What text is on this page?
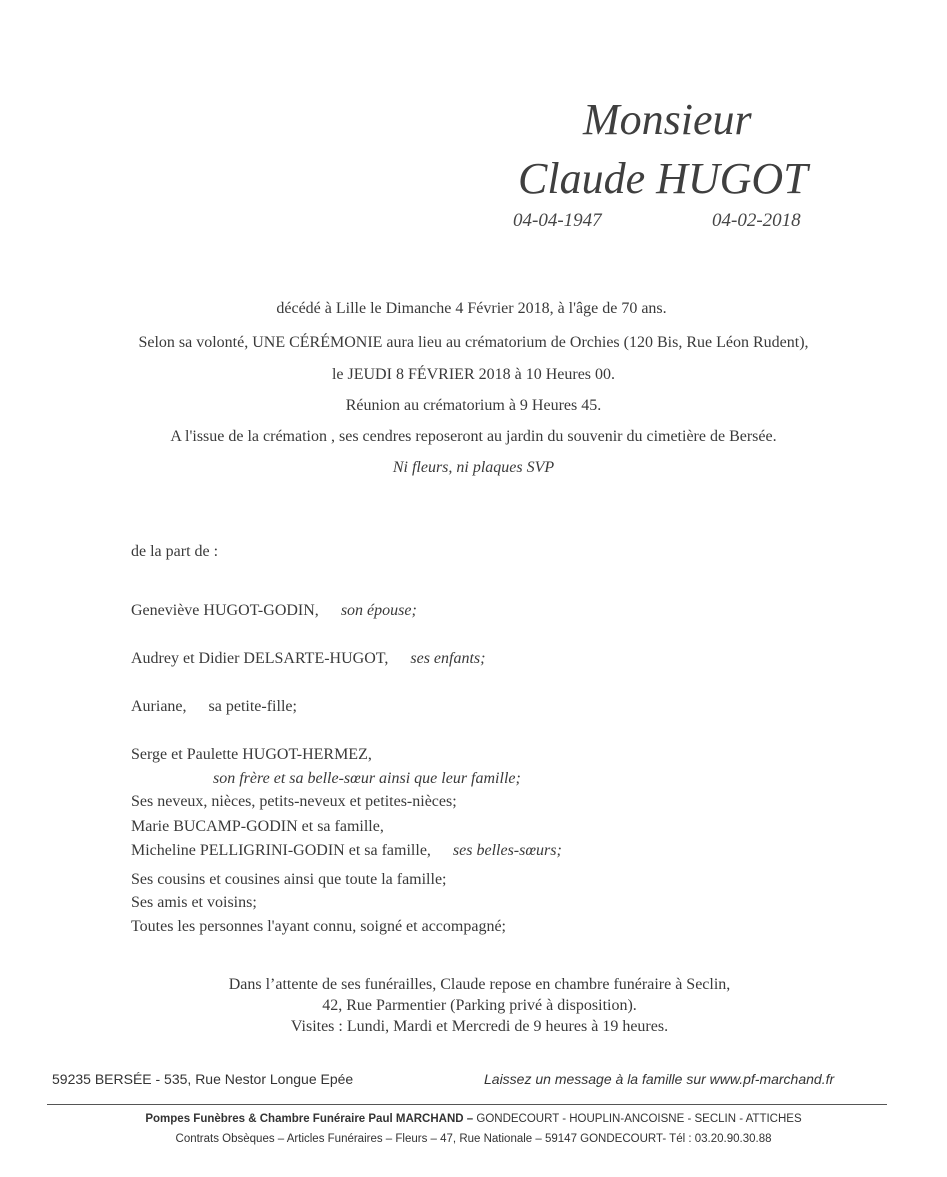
Monsieur
Claude HUGOT
04-04-1947	04-02-2018
décédé à Lille le Dimanche 4 Février 2018, à l'âge de 70 ans.
Selon sa volonté, UNE CÉRÉMONIE aura lieu au crématorium de Orchies (120 Bis, Rue Léon Rudent),
le JEUDI 8 FÉVRIER 2018 à 10 Heures 00.
Réunion au crématorium à 9 Heures 45.
A l'issue de la crémation , ses cendres reposeront au jardin du souvenir du cimetière de Bersée.
Ni fleurs, ni plaques SVP
de la part de :
Geneviève HUGOT-GODIN, son épouse;
Audrey et Didier DELSARTE-HUGOT, ses enfants;
Auriane, sa petite-fille;
Serge et Paulette HUGOT-HERMEZ,
son frère et sa belle-sœur ainsi que leur famille;
Ses neveux, nièces, petits-neveux et petites-nièces;
Marie BUCAMP-GODIN et sa famille,
Micheline PELLIGRINI-GODIN et sa famille, ses belles-sœurs;
Ses cousins et cousines ainsi que toute la famille;
Ses amis et voisins;
Toutes les personnes l'ayant connu, soigné et accompagné;
Dans l’attente de ses funérailles, Claude repose en chambre funéraire à Seclin,
42, Rue Parmentier (Parking privé à disposition).
Visites : Lundi, Mardi et Mercredi de 9 heures à 19 heures.
59235 BERSÉE - 535, Rue Nestor Longue Epée	Laissez un message à la famille sur www.pf-marchand.fr
Pompes Funèbres & Chambre Funéraire Paul MARCHAND – GONDECOURT - HOUPLIN-ANCOISNE - SECLIN - ATTICHES
Contrats Obsèques – Articles Funéraires – Fleurs – 47, Rue Nationale – 59147 GONDECOURT- Tél : 03.20.90.30.88
